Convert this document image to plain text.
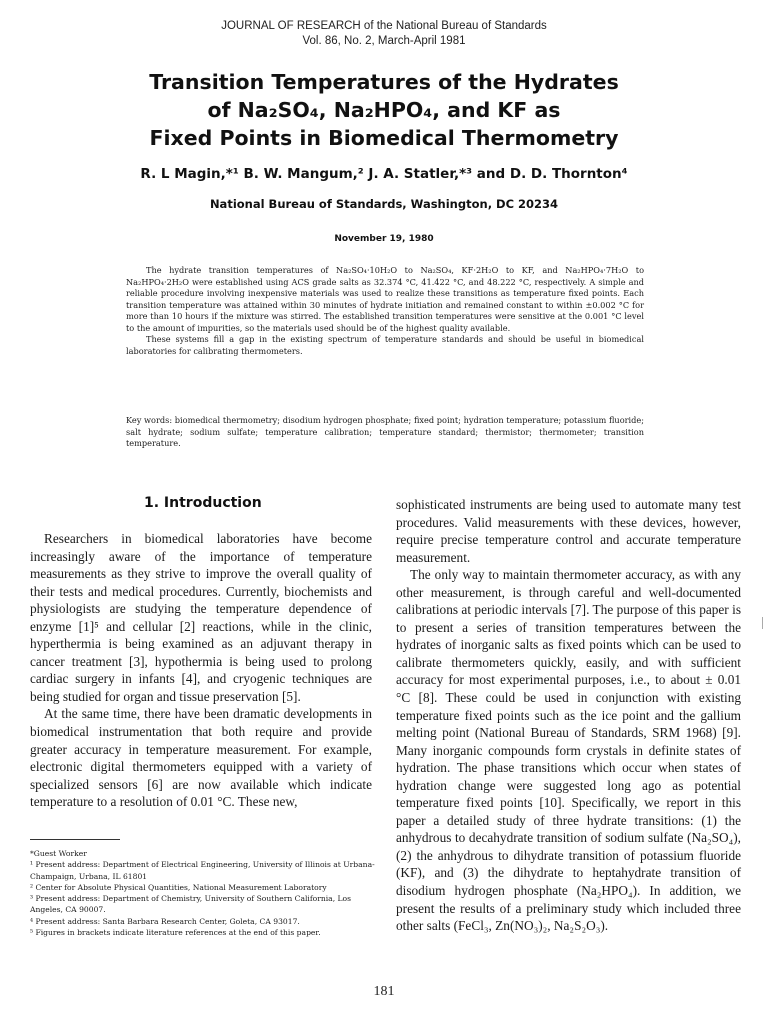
JOURNAL OF RESEARCH of the National Bureau of Standards
Vol. 86, No. 2, March-April 1981
Transition Temperatures of the Hydrates
of Na₂SO₄, Na₂HPO₄, and KF as
Fixed Points in Biomedical Thermometry
R. L Magin,*¹ B. W. Mangum,² J. A. Statler,*³ and D. D. Thornton⁴
National Bureau of Standards, Washington, DC 20234
November 19, 1980

The hydrate transition temperatures of Na₂SO₄·10H₂O to Na₂SO₄, KF·2H₂O to KF, and Na₂HPO₄·7H₂O to Na₂HPO₄·2H₂O were established using ACS grade salts as 32.374 °C, 41.422 °C, and 48.222 °C, respectively. A simple and reliable procedure involving inexpensive materials was used to realize these transitions as temperature fixed points. Each transition temperature was attained within 30 minutes of hydrate initiation and remained constant to within ±0.002 °C for more than 10 hours if the mixture was stirred. The established transition temperatures were sensitive at the 0.001 °C level to the amount of impurities, so the materials used should be of the highest quality available.

These systems fill a gap in the existing spectrum of temperature standards and should be useful in biomedical laboratories for calibrating thermometers.

Key words: biomedical thermometry; disodium hydrogen phosphate; fixed point; hydration temperature; potassium fluoride; salt hydrate; sodium sulfate; temperature calibration; temperature standard; thermistor; thermometer; transition temperature.

1. Introduction

Researchers in biomedical laboratories have become increasingly aware of the importance of temperature measurements as they strive to improve the overall quality of their tests and medical procedures. Currently, biochemists and physiologists are studying the temperature dependence of enzyme [1]⁵ and cellular [2] reactions, while in the clinic, hyperthermia is being examined as an adjuvant therapy in cancer treatment [3], hypothermia is being used to prolong cardiac surgery in infants [4], and cryogenic techniques are being studied for organ and tissue preservation [5].

At the same time, there have been dramatic developments in biomedical instrumentation that both require and provide greater accuracy in temperature measurement. For example, electronic digital thermometers equipped with a variety of specialized sensors [6] are now available which indicate temperature to a resolution of 0.01 °C. These new,

sophisticated instruments are being used to automate many test procedures. Valid measurements with these devices, however, require precise temperature control and accurate temperature measurement.

The only way to maintain thermometer accuracy, as with any other measurement, is through careful and well-documented calibrations at periodic intervals [7]. The purpose of this paper is to present a series of transition temperatures between the hydrates of inorganic salts as fixed points which can be used to calibrate thermometers quickly, easily, and with sufficient accuracy for most experimental purposes, i.e., to about ± 0.01 °C [8]. These could be used in conjunction with existing temperature fixed points such as the ice point and the gallium melting point (National Bureau of Standards, SRM 1968) [9]. Many inorganic compounds form crystals in definite states of hydration. The phase transitions which occur when states of hydration change were suggested long ago as potential temperature fixed points [10]. Specifically, we report in this paper a detailed study of three hydrate transitions: (1) the anhydrous to decahydrate transition of sodium sulfate (Na₂SO₄), (2) the anhydrous to dihydrate transition of potassium fluoride (KF), and (3) the dihydrate to heptahydrate transition of disodium hydrogen phosphate (Na₂HPO₄). In addition, we present the results of a preliminary study which included three other salts (FeCl₃, Zn(NO₃)₂, Na₂S₂O₃).

*Guest Worker

¹ Present address: Department of Electrical Engineering, University of Illinois at Urbana-Champaign, Urbana, IL 61801

² Center for Absolute Physical Quantities, National Measurement Laboratory

³ Present address: Department of Chemistry, University of Southern California, Los Angeles, CA 90007.

⁴ Present address: Santa Barbara Research Center, Goleta, CA 93017.

⁵ Figures in brackets indicate literature references at the end of this paper.

181
